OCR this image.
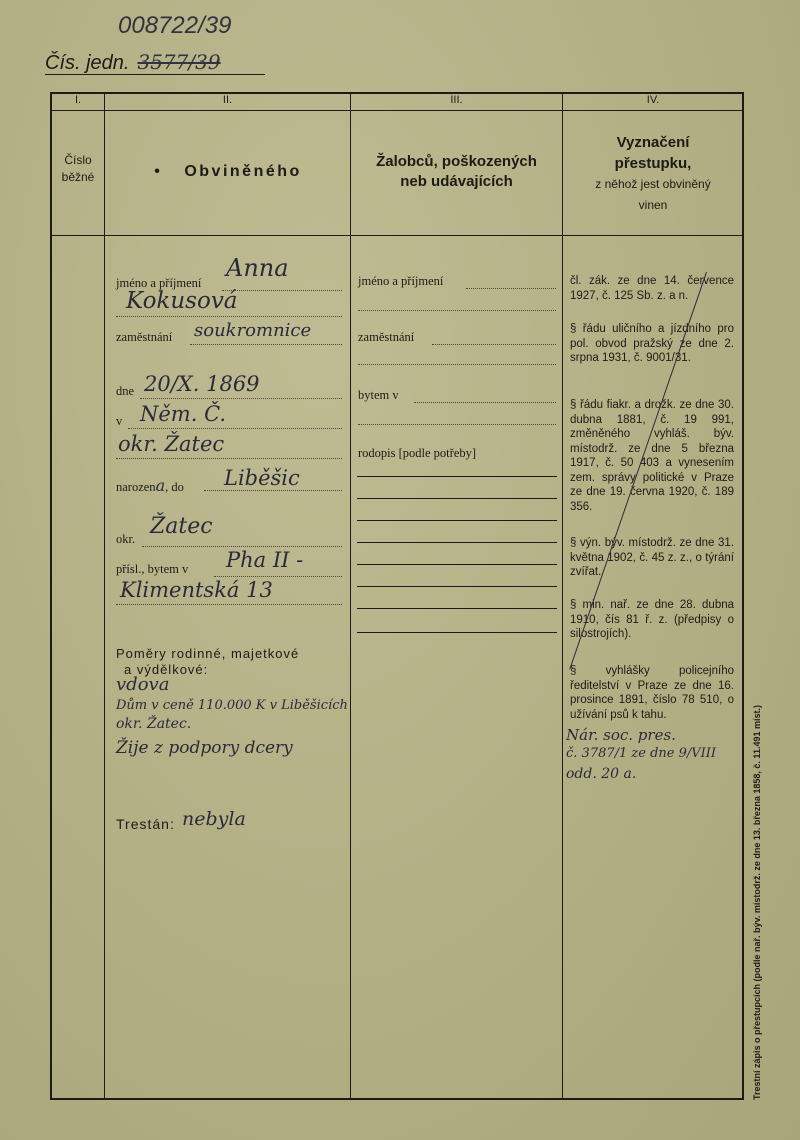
008722/39
Čís. jedn. 3577/39
I.	II.	III.	IV.
Číslo
běžné	• Obviněného
Žalobců, poškozených
neb udávajících
Vyznačení
přestupku,
z něhož jest obviněný
vinen
jméno a příjmení
Anna
Kokusová
zaměstnání soukromnice
dne 20/X. 1869
v Něm. Č.
okr. Žatec
narozena, do Liběšic
okr. Žatec
přísl., bytem v Pha II -
Klimentská 13
Poměry rodinné, majetkové
a výdělkové:
vdova
Dům v ceně 110.000 K v Liběšicích
okr. Žatec.
Žije z podpory dcery
Trestán: nebyla
jméno a příjmení
zaměstnání
bytem v
rodopis [podle potřeby]
čl. zák. ze dne 14. července 1927, č. 125 Sb. z. a n.
§ řádu uličního a jízdního pro pol. obvod pražský ze dne 2. srpna 1931, č. 9001/31.
§ řádu fiakr. a drožk. ze dne 30. dubna 1881, č. 19 991, změněného vyhláš. býv. místodrž. ze dne 5 března 1917, č. 50 403 a vynesením zem. správy politické v Praze ze dne 19. června 1920, č. 189 356.
§ výn. býv. místodrž. ze dne 31. května 1902, č. 45 z. z., o týrání zvířat.
§ min. nař. ze dne 28. dubna 1910, čís 81 ř. z. (předpisy o silostrojích).
§ vyhlášky policejního ředitelství v Praze ze dne 16. prosince 1891, číslo 78 510, o užívání psů k tahu.
Nár. soc. pres.
č. 3787/1 ze dne 9/VIII
odd. 20 a.	Trestní zápis o přestupcích (podle nař. býv. místodrž. ze dne 13. března 1858, č. 11.491 míst.)
